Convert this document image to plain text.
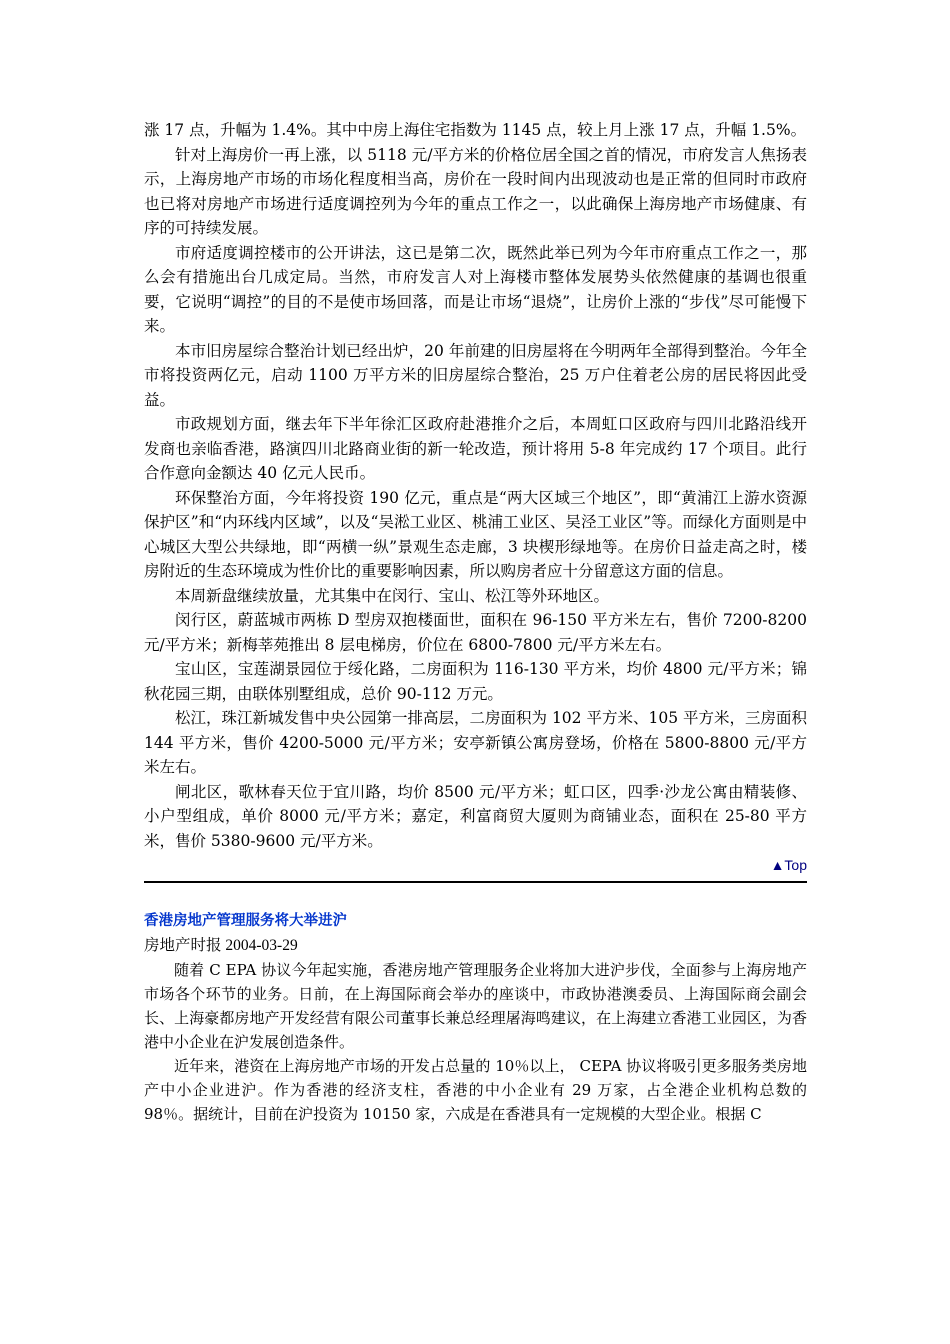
涨 17 点，升幅为 1.4%。其中中房上海住宅指数为 1145 点，较上月上涨 17 点，升幅 1.5%。

针对上海房价一再上涨，以 5118 元/平方米的价格位居全国之首的情况，市府发言人焦扬表示，上海房地产市场的市场化程度相当高，房价在一段时间内出现波动也是正常的但同时市政府也已将对房地产市场进行适度调控列为今年的重点工作之一，以此确保上海房地产市场健康、有序的可持续发展。

市府适度调控楼市的公开讲法，这已是第二次，既然此举已列为今年市府重点工作之一，那么会有措施出台几成定局。当然，市府发言人对上海楼市整体发展势头依然健康的基调也很重要，它说明“调控”的目的不是使市场回落，而是让市场“退烧”，让房价上涨的“步伐”尽可能慢下来。

本市旧房屋综合整治计划已经出炉，20 年前建的旧房屋将在今明两年全部得到整治。今年全市将投资两亿元，启动 1100 万平方米的旧房屋综合整治，25 万户住着老公房的居民将因此受益。

市政规划方面，继去年下半年徐汇区政府赴港推介之后，本周虹口区政府与四川北路沿线开发商也亲临香港，路演四川北路商业街的新一轮改造，预计将用 5-8 年完成约 17 个项目。此行合作意向金额达 40 亿元人民币。

环保整治方面，今年将投资 190 亿元，重点是“两大区域三个地区”，即“黄浦江上游水资源保护区”和“内环线内区域”，以及“吴淞工业区、桃浦工业区、吴泾工业区”等。而绿化方面则是中心城区大型公共绿地，即“两横一纵”景观生态走廊，3 块楔形绿地等。在房价日益走高之时，楼房附近的生态环境成为性价比的重要影响因素，所以购房者应十分留意这方面的信息。

本周新盘继续放量，尤其集中在闵行、宝山、松江等外环地区。

闵行区，蔚蓝城市两栋 D 型房双抱楼面世，面积在 96-150 平方米左右，售价 7200-8200 元/平方米；新梅莘苑推出 8 层电梯房，价位在 6800-7800 元/平方米左右。

宝山区，宝莲湖景园位于绥化路，二房面积为 116-130 平方米，均价 4800 元/平方米；锦秋花园三期，由联体别墅组成，总价 90-112 万元。

松江，珠江新城发售中央公园第一排高层，二房面积为 102 平方米、105 平方米，三房面积 144 平方米，售价 4200-5000 元/平方米；安亭新镇公寓房登场，价格在 5800-8800 元/平方米左右。

闸北区，歌林春天位于宜川路，均价 8500 元/平方米；虹口区，四季·沙龙公寓由精装修、小户型组成，单价 8000 元/平方米；嘉定，利富商贸大厦则为商铺业态，面积在 25-80 平方米，售价 5380-9600 元/平方米。

▲Top
香港房地产管理服务将大举进沪

房地产时报 2004-03-29

随着 C EPA 协议今年起实施，香港房地产管理服务企业将加大进沪步伐，全面参与上海房地产市场各个环节的业务。日前，在上海国际商会举办的座谈中，市政协港澳委员、上海国际商会副会长、上海豪都房地产开发经营有限公司董事长兼总经理屠海鸣建议，在上海建立香港工业园区，为香港中小企业在沪发展创造条件。

近年来，港资在上海房地产市场的开发占总量的 10％以上， CEPA 协议将吸引更多服务类房地产中小企业进沪。作为香港的经济支柱，香港的中小企业有 29 万家，占全港企业机构总数的 98％。据统计，目前在沪投资为 10150 家，六成是在香港具有一定规模的大型企业。根据 C
